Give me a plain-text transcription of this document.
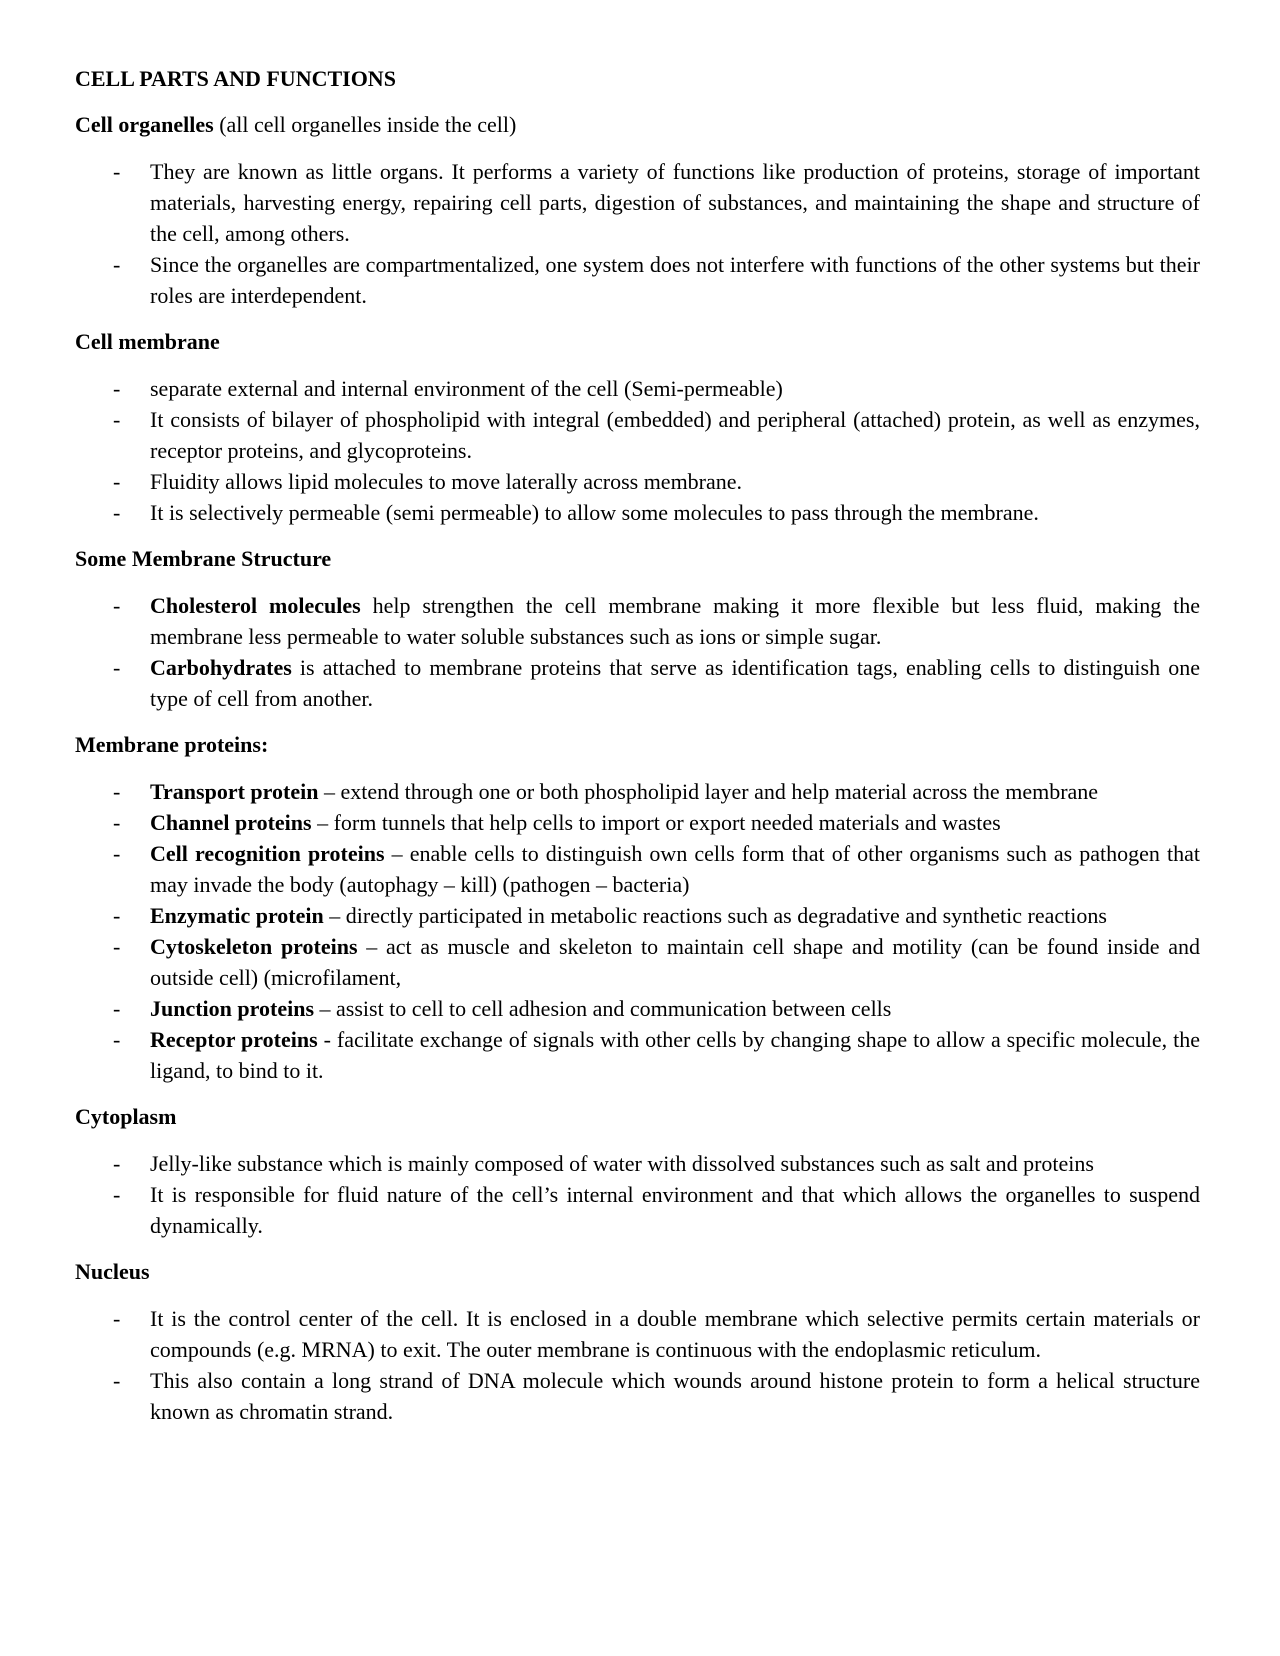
CELL PARTS AND FUNCTIONS
Cell organelles (all cell organelles inside the cell)
- They are known as little organs. It performs a variety of functions like production of proteins, storage of important materials, harvesting energy, repairing cell parts, digestion of substances, and maintaining the shape and structure of the cell, among others.
- Since the organelles are compartmentalized, one system does not interfere with functions of the other systems but their roles are interdependent.
Cell membrane
- separate external and internal environment of the cell (Semi-permeable)
- It consists of bilayer of phospholipid with integral (embedded) and peripheral (attached) protein, as well as enzymes, receptor proteins, and glycoproteins.
- Fluidity allows lipid molecules to move laterally across membrane.
- It is selectively permeable (semi permeable) to allow some molecules to pass through the membrane.
Some Membrane Structure
- Cholesterol molecules help strengthen the cell membrane making it more flexible but less fluid, making the membrane less permeable to water soluble substances such as ions or simple sugar.
- Carbohydrates is attached to membrane proteins that serve as identification tags, enabling cells to distinguish one type of cell from another.
Membrane proteins:
- Transport protein – extend through one or both phospholipid layer and help material across the membrane
- Channel proteins – form tunnels that help cells to import or export needed materials and wastes
- Cell recognition proteins – enable cells to distinguish own cells form that of other organisms such as pathogen that may invade the body (autophagy – kill) (pathogen – bacteria)
- Enzymatic protein – directly participated in metabolic reactions such as degradative and synthetic reactions
- Cytoskeleton proteins – act as muscle and skeleton to maintain cell shape and motility (can be found inside and outside cell) (microfilament,
- Junction proteins – assist to cell to cell adhesion and communication between cells
- Receptor proteins - facilitate exchange of signals with other cells by changing shape to allow a specific molecule, the ligand, to bind to it.
Cytoplasm
- Jelly-like substance which is mainly composed of water with dissolved substances such as salt and proteins
- It is responsible for fluid nature of the cell’s internal environment and that which allows the organelles to suspend dynamically.
Nucleus
- It is the control center of the cell. It is enclosed in a double membrane which selective permits certain materials or compounds (e.g. MRNA) to exit. The outer membrane is continuous with the endoplasmic reticulum.
- This also contain a long strand of DNA molecule which wounds around histone protein to form a helical structure known as chromatin strand.
